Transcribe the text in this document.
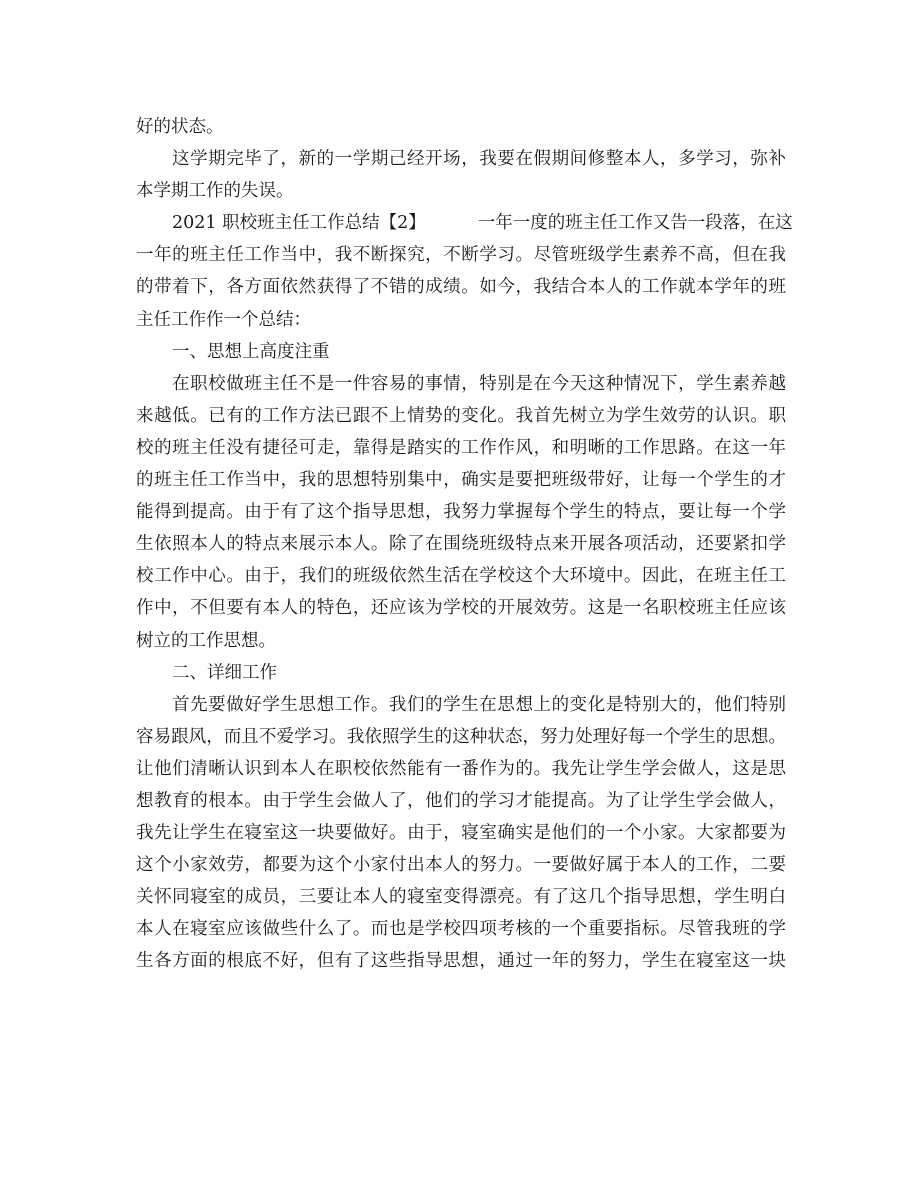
好的状态。
这学期完毕了，新的一学期己经开场，我要在假期间修整本人，多学习，弥补
本学期工作的失误。
2021 职校班主任工作总结【2】	一年一度的班主任工作又告一段落，在这
一年的班主任工作当中，我不断探究，不断学习。尽管班级学生素养不高，但在我
的带着下，各方面依然获得了不错的成绩。如今，我结合本人的工作就本学年的班
主任工作作一个总结：
一、思想上高度注重
在职校做班主任不是一件容易的事情，特别是在今天这种情况下，学生素养越
来越低。已有的工作方法已跟不上情势的变化。我首先树立为学生效劳的认识。职
校的班主任没有捷径可走，靠得是踏实的工作作风，和明晰的工作思路。在这一年
的班主任工作当中，我的思想特别集中，确实是要把班级带好，让每一个学生的才
能得到提高。由于有了这个指导思想，我努力掌握每个学生的特点，要让每一个学
生依照本人的特点来展示本人。除了在围绕班级特点来开展各项活动，还要紧扣学
校工作中心。由于，我们的班级依然生活在学校这个大环境中。因此，在班主任工
作中，不但要有本人的特色，还应该为学校的开展效劳。这是一名职校班主任应该
树立的工作思想。
二、详细工作
首先要做好学生思想工作。我们的学生在思想上的变化是特别大的，他们特别
容易跟风，而且不爱学习。我依照学生的这种状态，努力处理好每一个学生的思想。
让他们清晰认识到本人在职校依然能有一番作为的。我先让学生学会做人，这是思
想教育的根本。由于学生会做人了，他们的学习才能提高。为了让学生学会做人，
我先让学生在寝室这一块要做好。由于，寝室确实是他们的一个小家。大家都要为
这个小家效劳，都要为这个小家付出本人的努力。一要做好属于本人的工作，二要
关怀同寝室的成员，三要让本人的寝室变得漂亮。有了这几个指导思想，学生明白
本人在寝室应该做些什么了。而也是学校四项考核的一个重要指标。尽管我班的学
生各方面的根底不好，但有了这些指导思想，通过一年的努力，学生在寝室这一块
